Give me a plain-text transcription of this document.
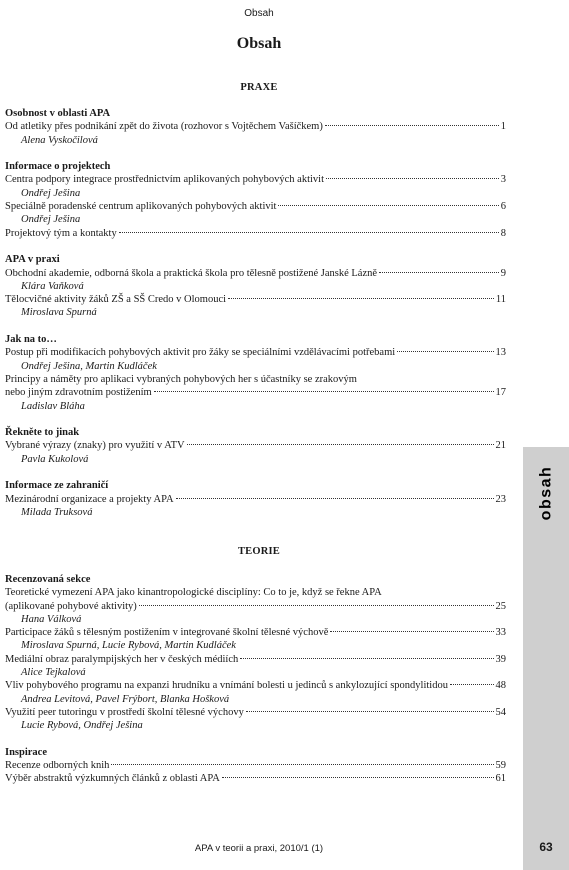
Obsah
Obsah
PRAXE
Osobnost v oblasti APA
Od atletiky přes podnikání zpět do života (rozhovor s Vojtěchem Vašíčkem)	1
Alena Vyskočilová
Informace o projektech
Centra podpory integrace prostřednictvím aplikovaných pohybových aktivit	3
Ondřej Ješina
Speciálně poradenské centrum aplikovaných pohybových aktivit	6
Ondřej Ješina
Projektový tým a kontakty	8
APA v praxi
Obchodní akademie, odborná škola a praktická škola pro tělesně postižené Janské Lázně	9
Klára Vaňková
Tělocvičné aktivity žáků ZŠ a SŠ Credo v Olomouci	11
Miroslava Spurná
Jak na to…
Postup při modifikacích pohybových aktivit pro žáky se speciálními vzdělávacími potřebami	13
Ondřej Ješina, Martin Kudláček
Principy a náměty pro aplikaci vybraných pohybových her s účastníky se zrakovým
nebo jiným zdravotním postižením	17
Ladislav Bláha
Řekněte to jinak
Vybrané výrazy (znaky) pro využití v ATV	21
Pavla Kukolová
Informace ze zahraničí
Mezinárodní organizace a projekty APA	23
Milada Truksová
TEORIE
Recenzovaná sekce
Teoretické vymezení APA jako kinantropologické disciplíny: Co to je, když se řekne APA
(aplikované pohybové aktivity)	25
Hana Válková
Participace žáků s tělesným postižením v integrované školní tělesné výchově	33
Miroslava Spurná, Lucie Rybová, Martin Kudláček
Mediální obraz paralympijských her v českých médiích	39
Alice Tejkalová
Vliv pohybového programu na expanzi hrudníku a vnímání bolesti u jedinců s ankylozující spondylitidou	48
Andrea Levitová, Pavel Frýbort, Blanka Hošková
Využití peer tutoringu v prostředí školní tělesné výchovy	54
Lucie Rybová, Ondřej Ješina
Inspirace
Recenze odborných knih	59
Výběr abstraktů výzkumných článků z oblasti APA	61
obsah
APA v teorii a praxi, 2010/1 (1)	63
